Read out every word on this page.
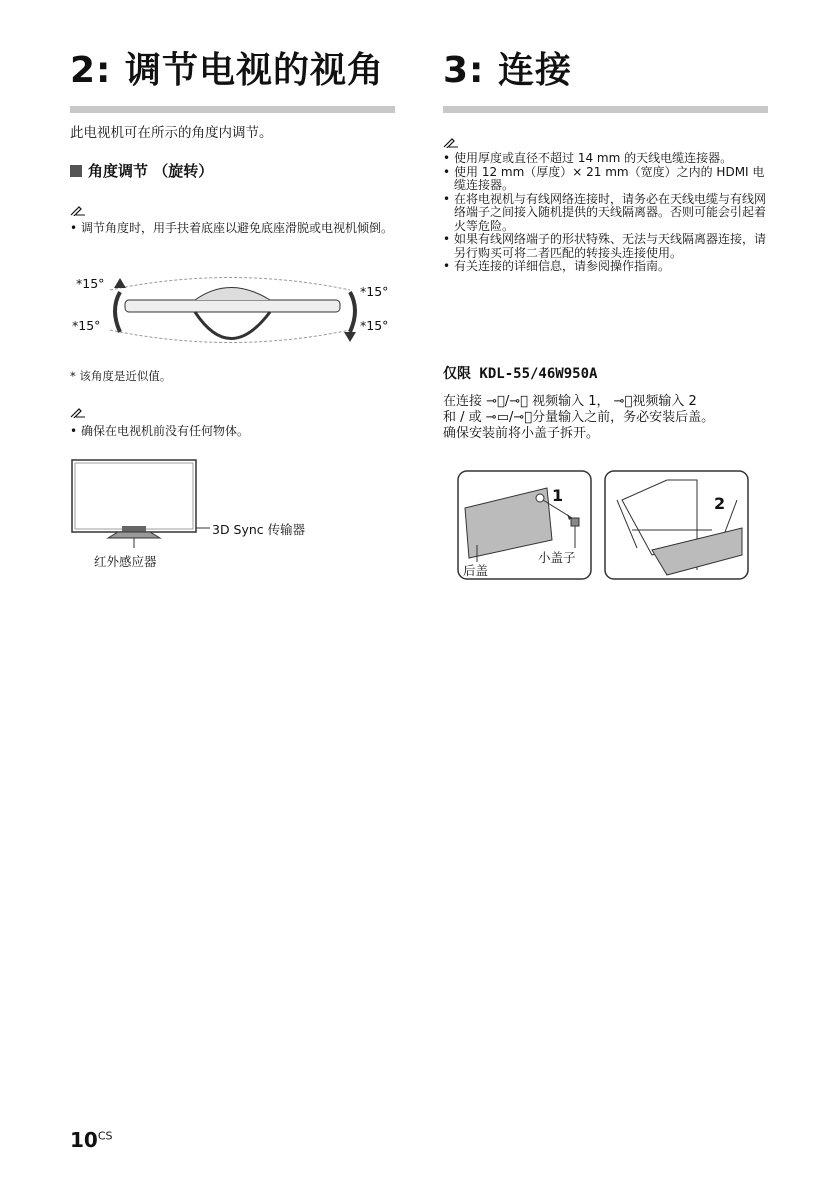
2: 调节电视的视角
此电视机可在所示的角度内调节。
角度调节 （旋转）
• 调节角度时，用手扶着底座以避免底座滑脱或电视机倾倒。
*15°
*15°
*15°
*15°
* 该角度是近似值。
• 确保在电视机前没有任何物体。
3D Sync 传输器
红外感应器
3: 连接
• 使用厚度或直径不超过 14 mm 的天线电缆连接器。
• 使用 12 mm（厚度）× 21 mm（宽度）之内的 HDMI 电缆连接器。
• 在将电视机与有线网络连接时，请务必在天线电缆与有线网络端子之间接入随机提供的天线隔离器。否则可能会引起着火等危险。
• 如果有线网络端子的形状特殊、无法与天线隔离器连接，请另行购买可将二者匹配的转接头连接使用。
• 有关连接的详细信息，请参阅操作指南。
仅限 KDL-55/46W950A
在连接 ⊸⃝/⊸⃝ 视频输入 1， ⊸⃝视频输入 2
和 / 或 ⊸▭/⊸⃝分量输入之前，务必安装后盖。
确保安装前将小盖子拆开。
1	2
后盖
小盖子
$10^{CS}$
